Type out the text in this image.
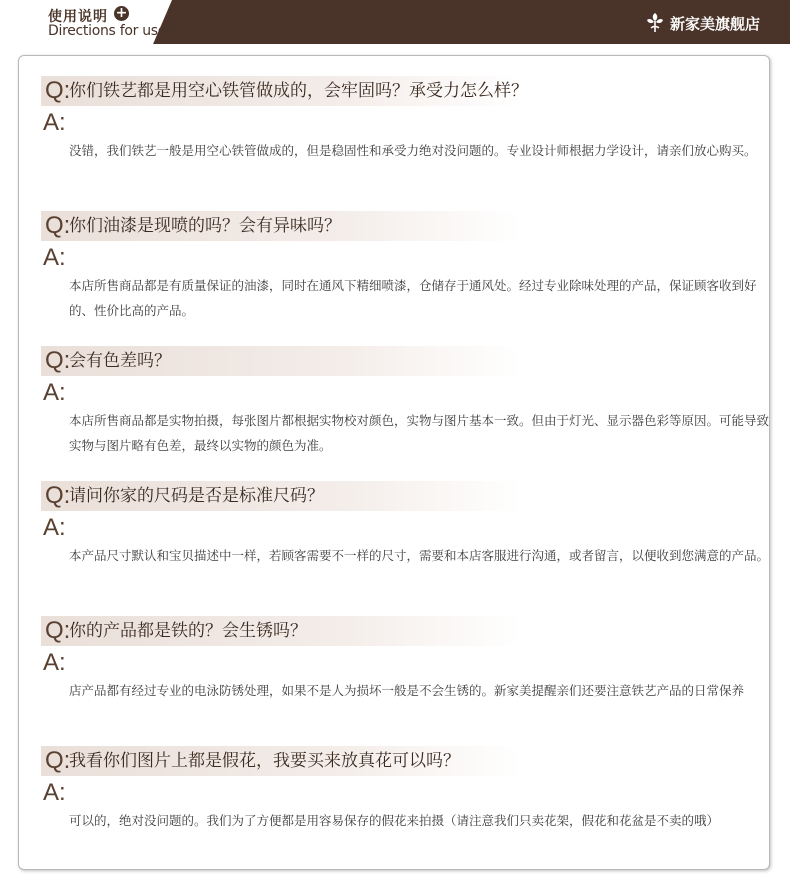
使用说明 +
Directions for use	新家美旗舰店
Q:
你们铁艺都是用空心铁管做成的，会牢固吗？承受力怎么样？
A:
没错，我们铁艺一般是用空心铁管做成的，但是稳固性和承受力绝对没问题的。专业设计师根据力学设计，请亲们放心购买。
Q:
你们油漆是现喷的吗？会有异味吗？
A:
本店所售商品都是有质量保证的油漆，同时在通风下精细喷漆，仓储存于通风处。经过专业除味处理的产品，保证顾客收到好的、性价比高的产品。
Q:
会有色差吗？
A:
本店所售商品都是实物拍摄，每张图片都根据实物校对颜色，实物与图片基本一致。但由于灯光、显示器色彩等原因。可能导致实物与图片略有色差，最终以实物的颜色为准。
Q:
请问你家的尺码是否是标准尺码？
A:
本产品尺寸默认和宝贝描述中一样，若顾客需要不一样的尺寸，需要和本店客服进行沟通，或者留言，以便收到您满意的产品。
Q:
你的产品都是铁的？会生锈吗？
A:
店产品都有经过专业的电泳防锈处理，如果不是人为损坏一般是不会生锈的。新家美提醒亲们还要注意铁艺产品的日常保养
Q:
我看你们图片上都是假花，我要买来放真花可以吗？
A:
可以的，绝对没问题的。我们为了方便都是用容易保存的假花来拍摄（请注意我们只卖花架，假花和花盆是不卖的哦）
